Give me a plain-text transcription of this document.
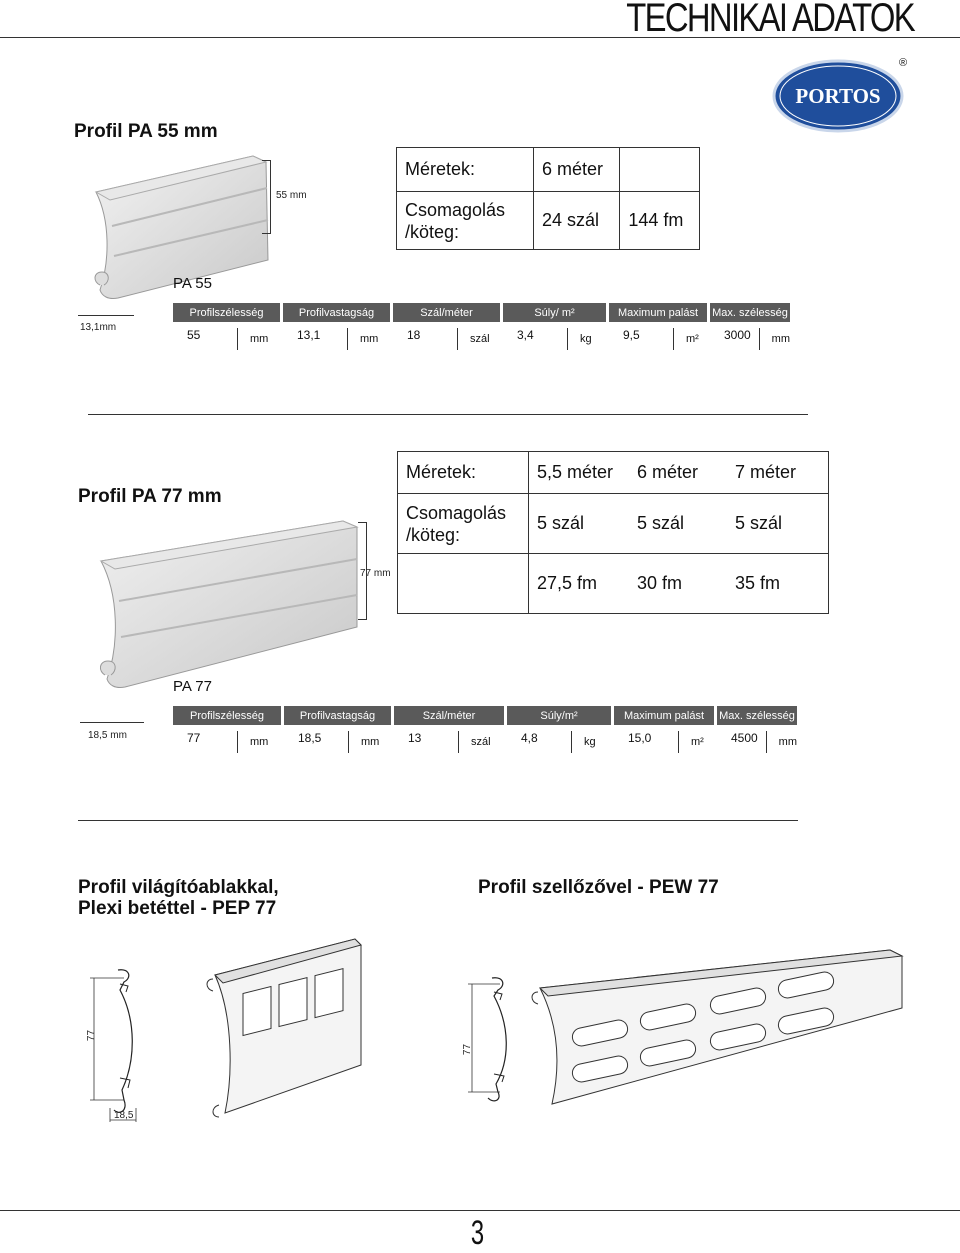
TECHNIKAI ADATOK
PORTOS
®
Profil PA 55 mm
55 mm
13,1mm
Méretek:	6 méter	
Csomagolás /köteg:	24 szál	144 fm
PA 55
Profilszélesség	Profilvastagság	Szál/méter	Súly/ m²	Maximum palást	Max. szélesség
55	mm	13,1	mm	18	szál	3,4	kg	9,5	m²	3000	mm
Profil PA 77 mm
77 mm
18,5 mm
Méretek:	5,5 méter	6 méter	7 méter
Csomagolás /köteg:	5 szál	5 szál	5 szál
	27,5 fm	30 fm	35 fm
PA 77
Profilszélesség	Profilvastagság	Szál/méter	Súly/m²	Maximum palást	Max. szélesség
77	mm	18,5	mm	13	szál	4,8	kg	15,0	m²	4500	mm
Profil világítóablakkal,
Plexi betéttel - PEP 77
77
18,5
Profil szellőzővel - PEW 77
77
3
